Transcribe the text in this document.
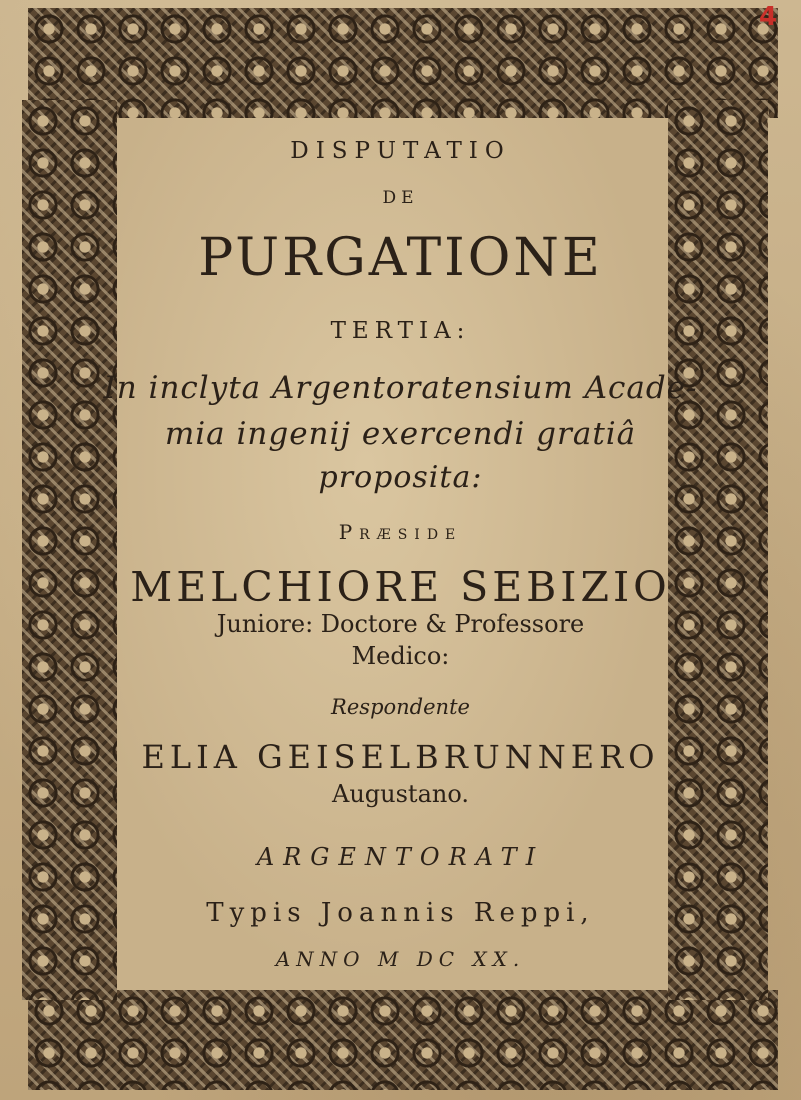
4
DISPUTATIO
DE
PURGATIONE
TERTIA:
In inclyta Argentoratensium Acade-
mia ingenij exercendi gratiâ
proposita:
Præside
MELCHIORE SEBIZIO
Juniore: Doctore & Professore
Medico:
Respondente
ELIA GEISELBRUNNERO
Augustano.
ARGENTORATI
Typis Joannis Reppi,
ANNO M DC XX.
